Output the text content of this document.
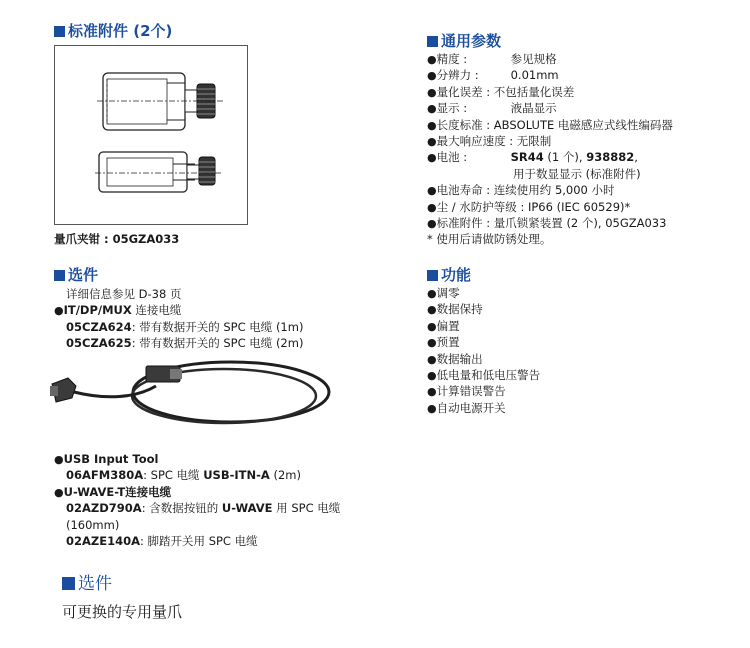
标准附件 (2个)
量爪夹钳 : 05GZA033
选件
详细信息参见 D-38 页
●IT/DP/MUX 连接电缆
05CZA624: 带有数据开关的 SPC 电缆 (1m)
05CZA625: 带有数据开关的 SPC 电缆 (2m)
●USB Input Tool
06AFM380A: SPC 电缆 USB-ITN-A (2m)
●U-WAVE-T连接电缆
02AZD790A: 含数据按钮的 U-WAVE 用 SPC 电缆
(160mm)
02AZE140A: 脚踏开关用 SPC 电缆
通用参数
●精度 :	参见规格
●分辨力 :	0.01mm
●量化误差 : 不包括量化误差
●显示 :	液晶显示
●长度标准 : ABSOLUTE 电磁感应式线性编码器
●最大响应速度 : 无限制
●电池 :	SR44 (1 个), 938882,
用于数显显示 (标准附件)
●电池寿命 : 连续使用约 5,000 小时
●尘 / 水防护等级 : IP66 (IEC 60529)*
●标准附件 : 量爪锁紧装置 (2 个), 05GZA033
* 使用后请做防锈处理。
功能
●调零
●数据保持
●偏置
●预置
●数据输出
●低电量和低电压警告
●计算错误警告
●自动电源开关
选件
可更换的专用量爪
